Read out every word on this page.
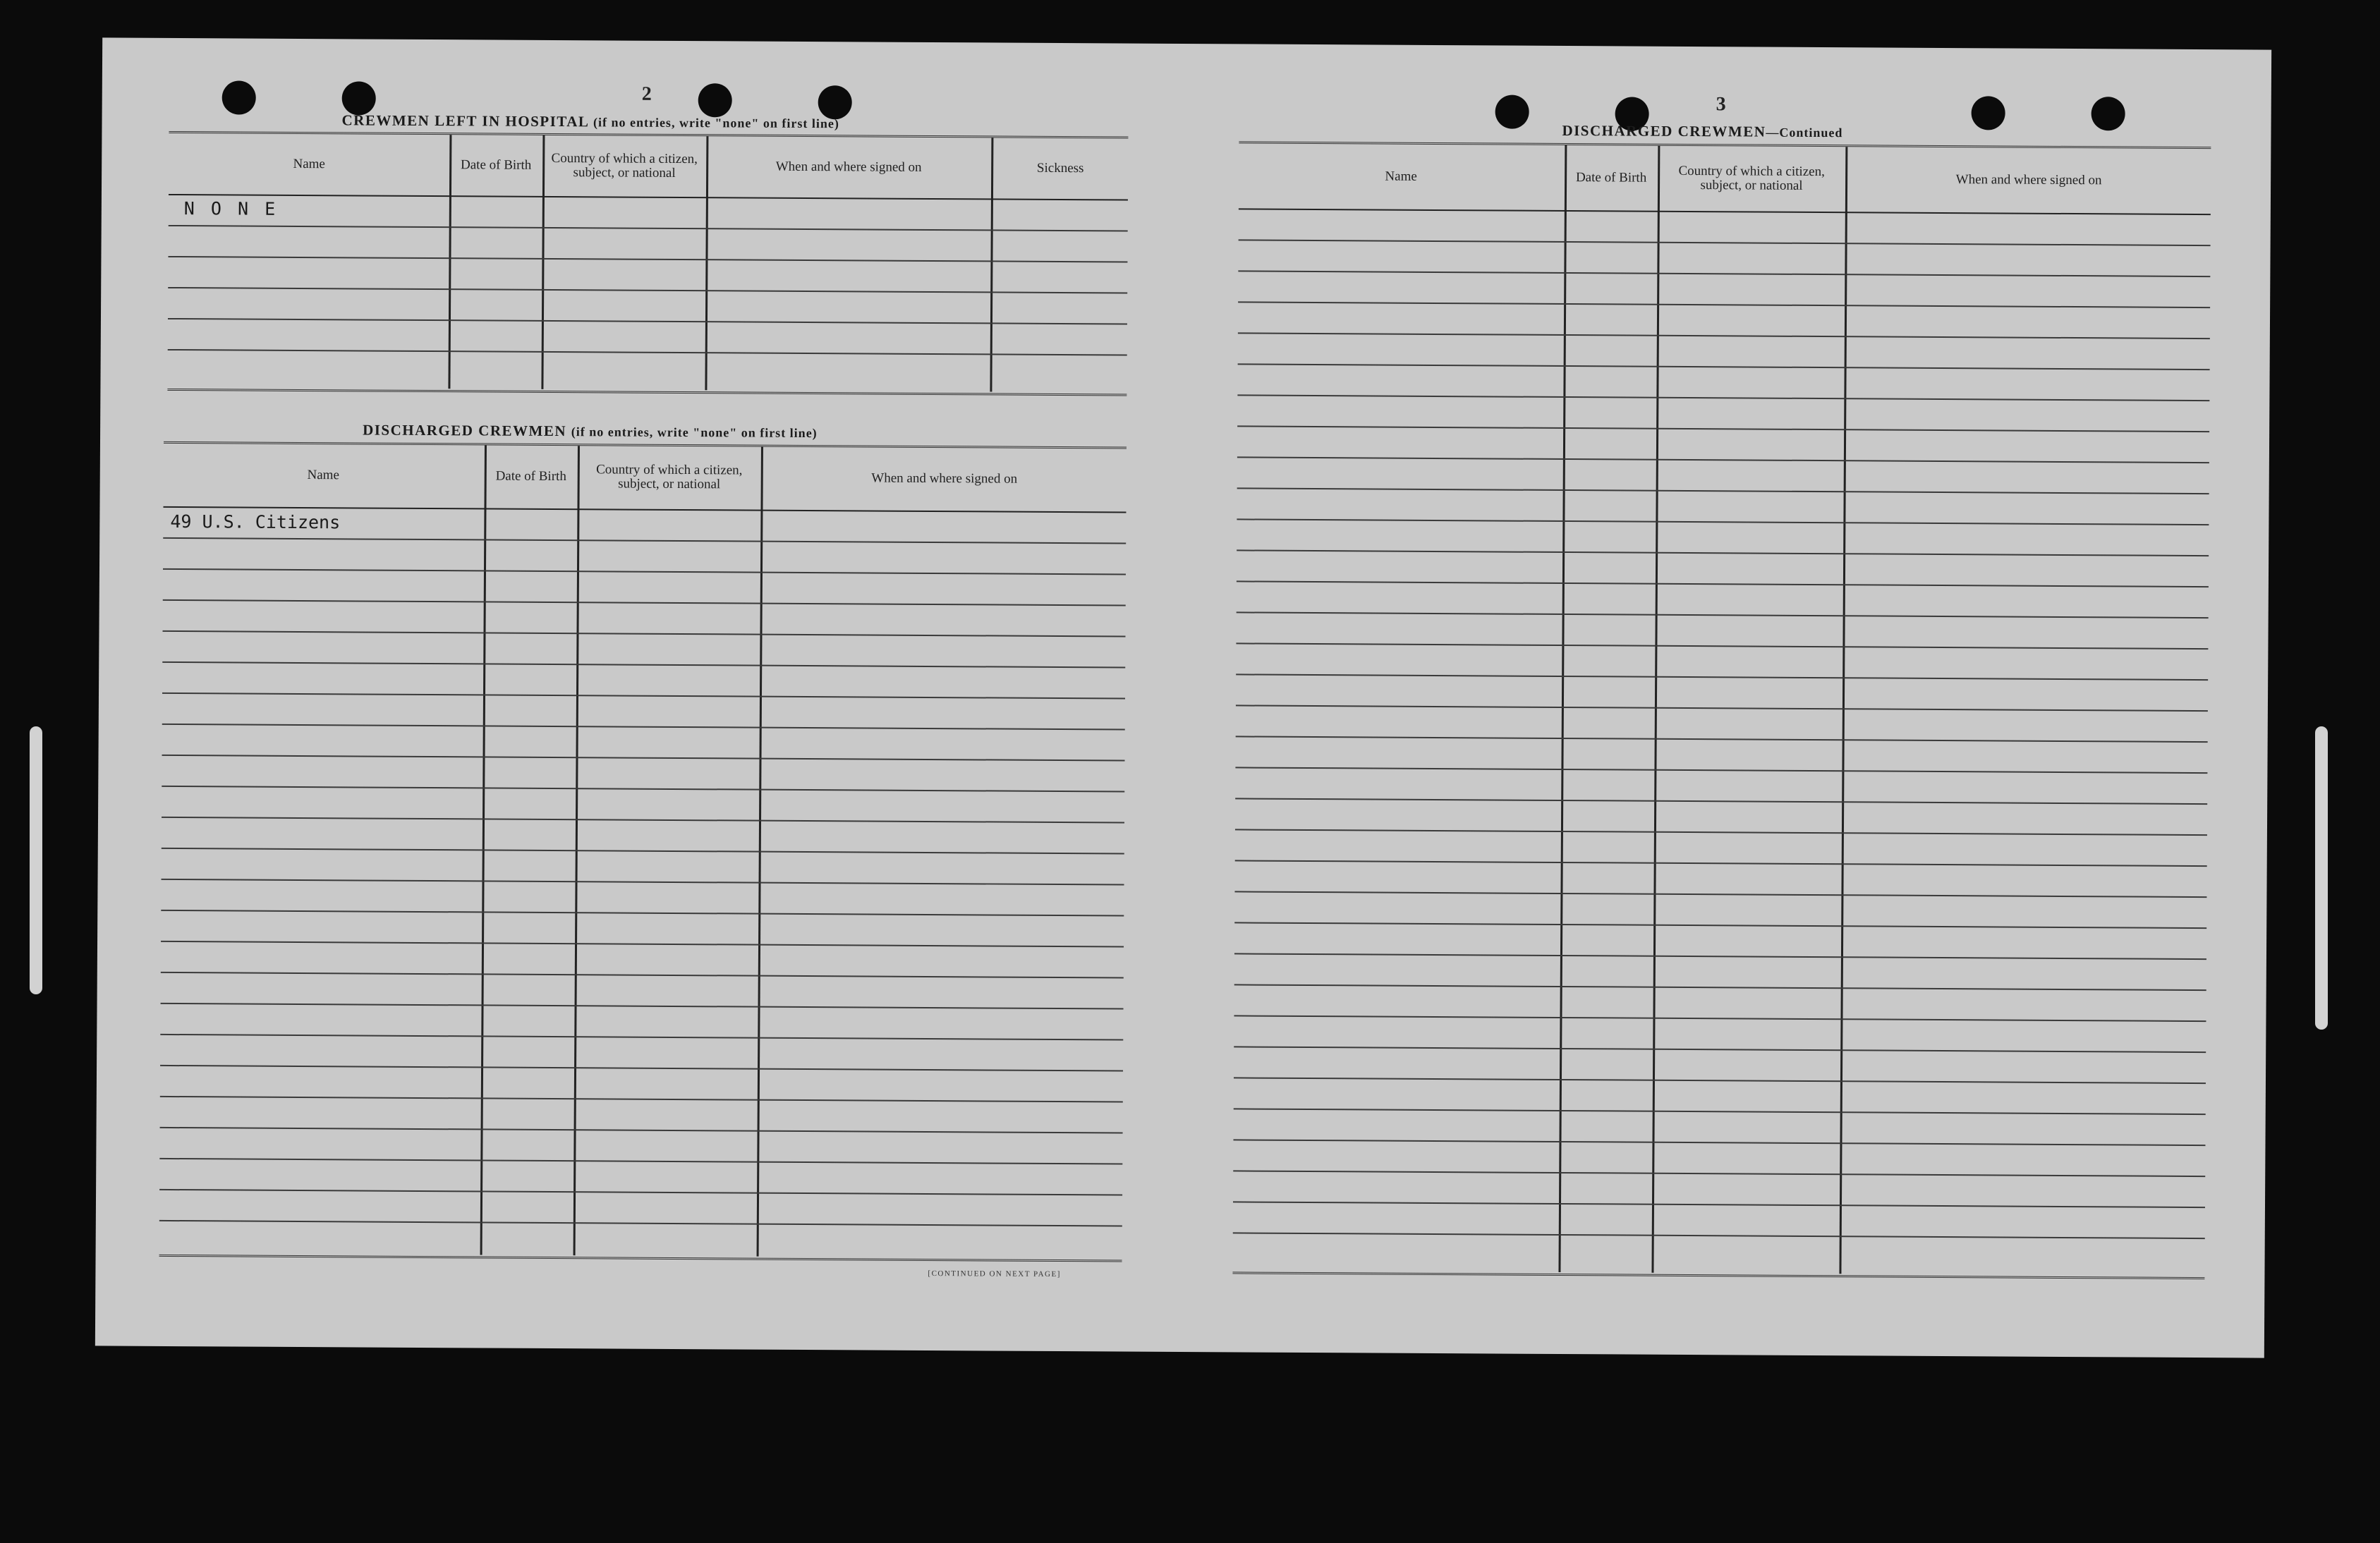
2
CREWMEN LEFT IN HOSPITAL (if no entries, write "none" on first line)
Name	Date of Birth	Country of which a citizen, subject, or national	When and where signed on	Sickness
N O N E
DISCHARGED CREWMEN (if no entries, write "none" on first line)
Name	Date of Birth	Country of which a citizen, subject, or national	When and where signed on
49 U.S. Citizens
[CONTINUED ON NEXT PAGE]
3
DISCHARGED CREWMEN—Continued
Name	Date of Birth	Country of which a citizen, subject, or national	When and where signed on
